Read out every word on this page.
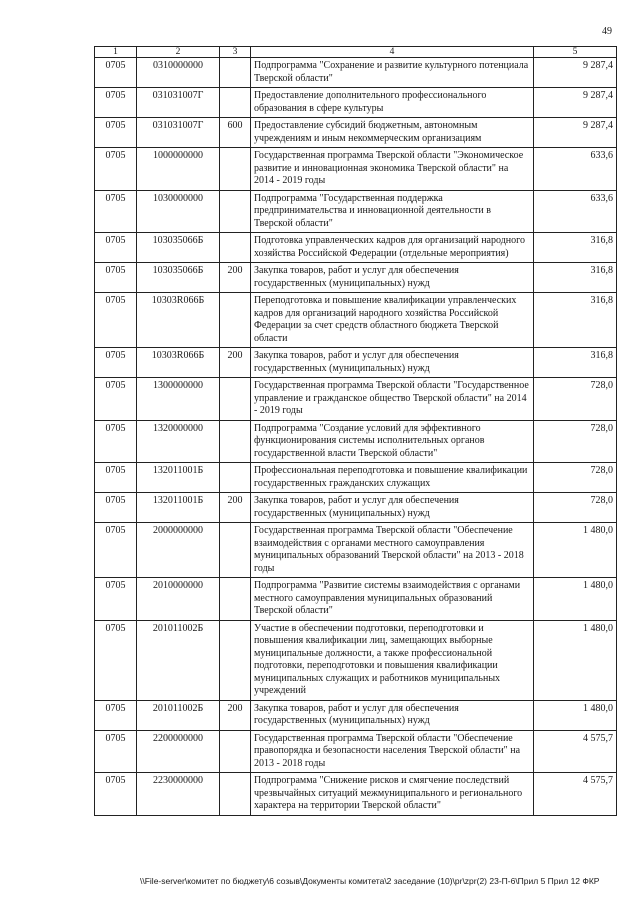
49
1	2	3	4	5
0705	0310000000		Подпрограмма "Сохранение и развитие культурного потенциала Тверской области"	9 287,4
0705	031031007Г		Предоставление дополнительного профессионального образования в сфере культуры	9 287,4
0705	031031007Г	600	Предоставление субсидий бюджетным, автономным учреждениям и иным некоммерческим организациям	9 287,4
0705	1000000000		Государственная программа Тверской области "Экономическое развитие и инновационная экономика Тверской области" на 2014 - 2019 годы	633,6
0705	1030000000		Подпрограмма "Государственная поддержка предпринимательства и инновационной деятельности в Тверской области"	633,6
0705	103035066Б		Подготовка управленческих кадров для организаций народного хозяйства Российской Федерации (отдельные мероприятия)	316,8
0705	103035066Б	200	Закупка товаров, работ и услуг для обеспечения государственных (муниципальных) нужд	316,8
0705	10303R066Б		Переподготовка и повышение квалификации управленческих кадров для организаций народного хозяйства Российской Федерации за счет средств областного бюджета Тверской области	316,8
0705	10303R066Б	200	Закупка товаров, работ и услуг для обеспечения государственных (муниципальных) нужд	316,8
0705	1300000000		Государственная программа Тверской области "Государственное управление и гражданское общество Тверской области" на 2014 - 2019 годы	728,0
0705	1320000000		Подпрограмма "Создание условий для эффективного функционирования системы исполнительных органов государственной власти Тверской области"	728,0
0705	132011001Б		Профессиональная переподготовка и повышение квалификации государственных гражданских служащих	728,0
0705	132011001Б	200	Закупка товаров, работ и услуг для обеспечения государственных (муниципальных) нужд	728,0
0705	2000000000		Государственная программа Тверской области "Обеспечение взаимодействия с органами местного самоуправления муниципальных образований Тверской области" на 2013 - 2018 годы	1 480,0
0705	2010000000		Подпрограмма "Развитие системы взаимодействия с органами местного самоуправления муниципальных образований Тверской области"	1 480,0
0705	201011002Б		Участие в обеспечении подготовки, переподготовки и повышения квалификации лиц, замещающих выборные муниципальные должности, а также профессиональной подготовки, переподготовки и повышения квалификации муниципальных служащих и работников муниципальных учреждений	1 480,0
0705	201011002Б	200	Закупка товаров, работ и услуг для обеспечения государственных (муниципальных) нужд	1 480,0
0705	2200000000		Государственная программа Тверской области "Обеспечение правопорядка и безопасности населения Тверской области" на 2013 - 2018 годы	4 575,7
0705	2230000000		Подпрограмма "Снижение рисков и смягчение последствий чрезвычайных ситуаций межмуниципального и регионального характера на территории Тверской области"	4 575,7
\\File-server\комитет по бюджету\6 созыв\Документы комитета\2 заседание (10)\pr\zpr(2) 23-П-6\Прил 5 Прил 12 ФКР
